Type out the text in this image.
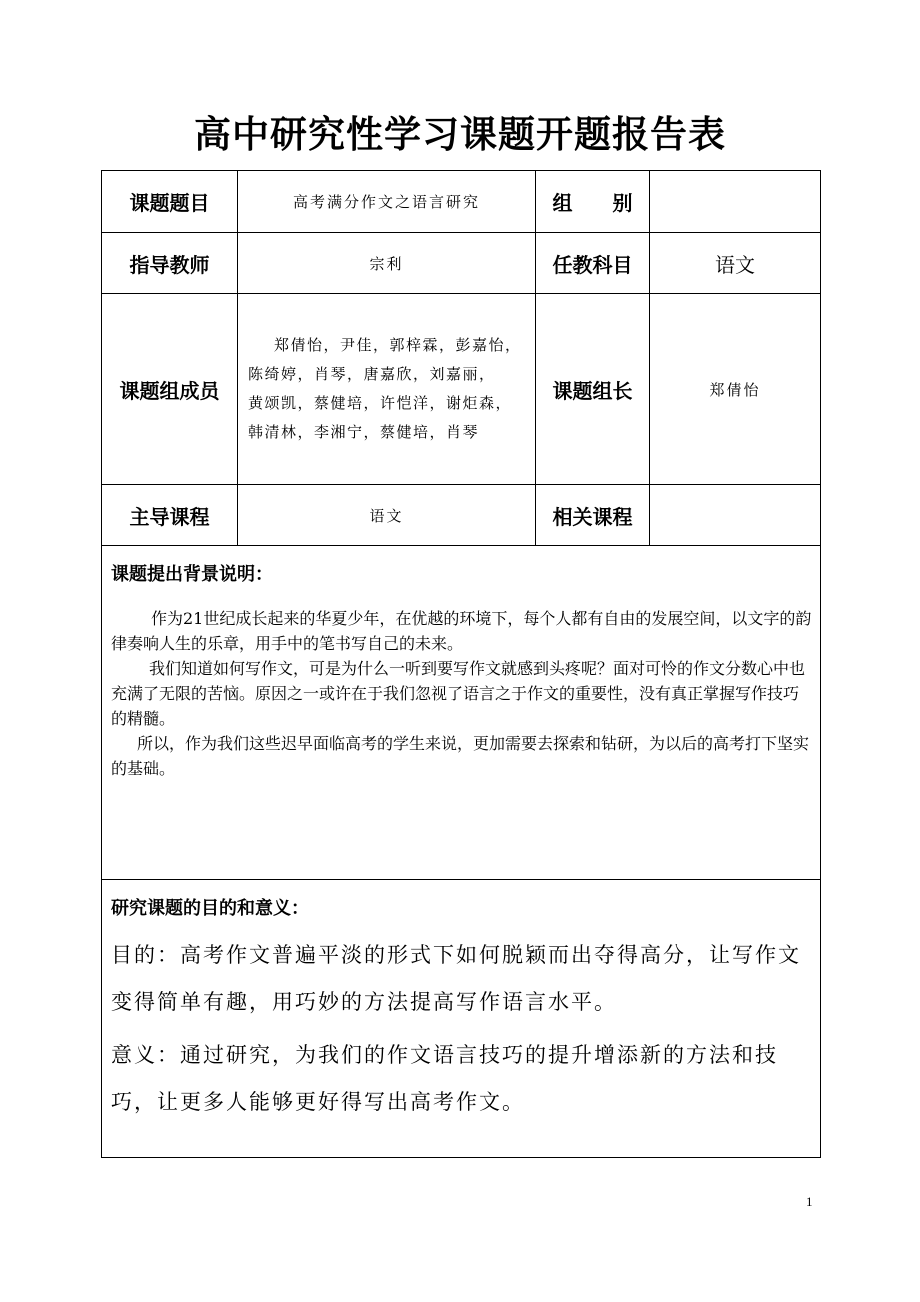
高中研究性学习课题开题报告表
课题题目	高考满分作文之语言研究	组　　别	
指导教师	宗利	任教科目	语文
课题组成员	郑倩怡，尹佳，郭梓霖，彭嘉怡，
陈绮婷，肖琴，唐嘉欣，刘嘉丽，
黄颂凯，蔡健培，许恺洋，谢炬森，
韩清林，李湘宁，蔡健培，肖琴	课题组长	郑倩怡
主导课程	语文	相关课程	

课题提出背景说明：

作为21世纪成长起来的华夏少年，在优越的环境下，每个人都有自由的发展空间，以文字的韵律奏响人生的乐章，用手中的笔书写自己的未来。

我们知道如何写作文，可是为什么一听到要写作文就感到头疼呢？面对可怜的作文分数心中也充满了无限的苦恼。原因之一或许在于我们忽视了语言之于作文的重要性，没有真正掌握写作技巧的精髓。

所以，作为我们这些迟早面临高考的学生来说，更加需要去探索和钻研，为以后的高考打下坚实的基础。			

研究课题的目的和意义：

目的：高考作文普遍平淡的形式下如何脱颖而出夺得高分，让写作文变得简单有趣，用巧妙的方法提高写作语言水平。

意义：通过研究，为我们的作文语言技巧的提升增添新的方法和技巧，让更多人能够更好得写出高考作文。			

1
